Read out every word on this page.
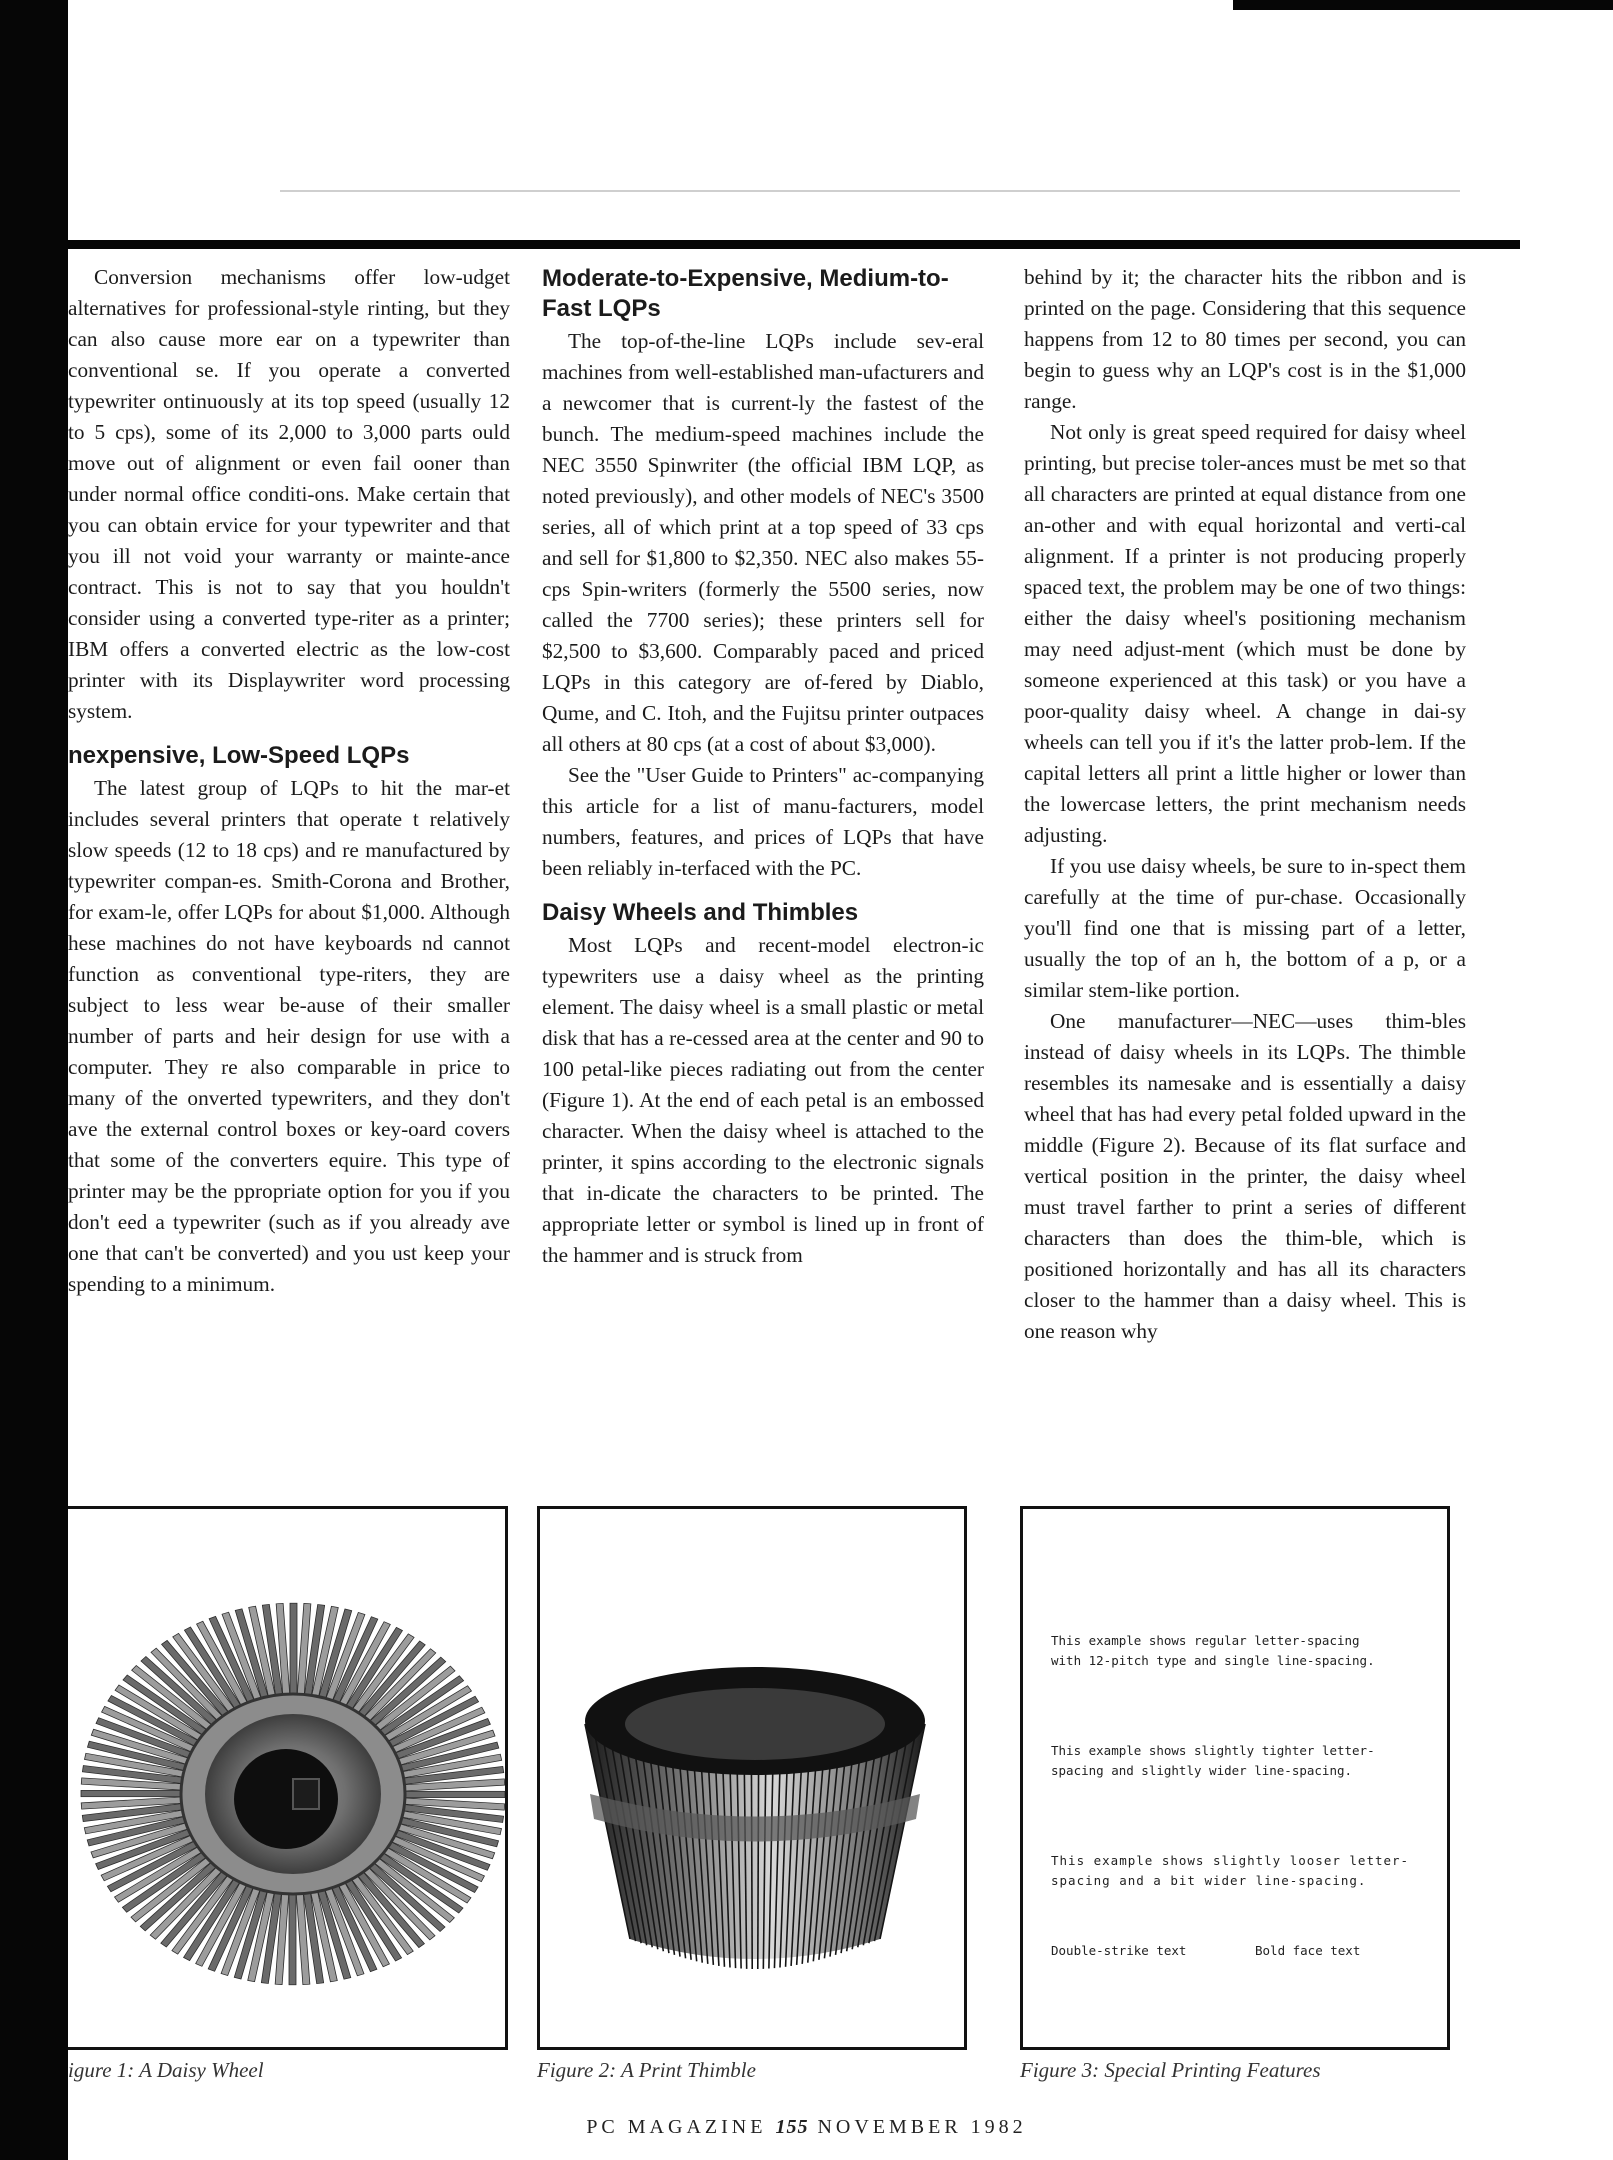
Conversion mechanisms offer low-udget alternatives for professional-style rinting, but they can also cause more ear on a typewriter than conventional se. If you operate a converted typewriter ontinuously at its top speed (usually 12 to 5 cps), some of its 2,000 to 3,000 parts ould move out of alignment or even fail ooner than under normal office conditi-ons. Make certain that you can obtain ervice for your typewriter and that you ill not void your warranty or mainte-ance contract. This is not to say that you houldn't consider using a converted type-riter as a printer; IBM offers a converted electric as the low-cost printer with its Displaywriter word processing system.

nexpensive, Low-Speed LQPs

The latest group of LQPs to hit the mar-et includes several printers that operate t relatively slow speeds (12 to 18 cps) and re manufactured by typewriter compan-es. Smith-Corona and Brother, for exam-le, offer LQPs for about $1,000. Although hese machines do not have keyboards nd cannot function as conventional type-riters, they are subject to less wear be-ause of their smaller number of parts and heir design for use with a computer. They re also comparable in price to many of the onverted typewriters, and they don't ave the external control boxes or key-oard covers that some of the converters equire. This type of printer may be the ppropriate option for you if you don't eed a typewriter (such as if you already ave one that can't be converted) and you ust keep your spending to a minimum.

Moderate-to-Expensive, Medium-to-Fast LQPs

The top-of-the-line LQPs include sev-eral machines from well-established man-ufacturers and a newcomer that is current-ly the fastest of the bunch. The medium-speed machines include the NEC 3550 Spinwriter (the official IBM LQP, as noted previously), and other models of NEC's 3500 series, all of which print at a top speed of 33 cps and sell for $1,800 to $2,350. NEC also makes 55-cps Spin-writers (formerly the 5500 series, now called the 7700 series); these printers sell for $2,500 to $3,600. Comparably paced and priced LQPs in this category are of-fered by Diablo, Qume, and C. Itoh, and the Fujitsu printer outpaces all others at 80 cps (at a cost of about $3,000).

See the "User Guide to Printers" ac-companying this article for a list of manu-facturers, model numbers, features, and prices of LQPs that have been reliably in-terfaced with the PC.

Daisy Wheels and Thimbles

Most LQPs and recent-model electron-ic typewriters use a daisy wheel as the printing element. The daisy wheel is a small plastic or metal disk that has a re-cessed area at the center and 90 to 100 petal-like pieces radiating out from the center (Figure 1). At the end of each petal is an embossed character. When the daisy wheel is attached to the printer, it spins according to the electronic signals that in-dicate the characters to be printed. The appropriate letter or symbol is lined up in front of the hammer and is struck from

behind by it; the character hits the ribbon and is printed on the page. Considering that this sequence happens from 12 to 80 times per second, you can begin to guess why an LQP's cost is in the $1,000 range.

Not only is great speed required for daisy wheel printing, but precise toler-ances must be met so that all characters are printed at equal distance from one an-other and with equal horizontal and verti-cal alignment. If a printer is not producing properly spaced text, the problem may be one of two things: either the daisy wheel's positioning mechanism may need adjust-ment (which must be done by someone experienced at this task) or you have a poor-quality daisy wheel. A change in dai-sy wheels can tell you if it's the latter prob-lem. If the capital letters all print a little higher or lower than the lowercase letters, the print mechanism needs adjusting.

If you use daisy wheels, be sure to in-spect them carefully at the time of pur-chase. Occasionally you'll find one that is missing part of a letter, usually the top of an h, the bottom of a p, or a similar stem-like portion.

One manufacturer—NEC—uses thim-bles instead of daisy wheels in its LQPs. The thimble resembles its namesake and is essentially a daisy wheel that has had every petal folded upward in the middle (Figure 2). Because of its flat surface and vertical position in the printer, the daisy wheel must travel farther to print a series of different characters than does the thim-ble, which is positioned horizontally and has all its characters closer to the hammer than a daisy wheel. This is one reason why

This example shows regular letter-spacing
with 12-pitch type and single line-spacing.
This example shows slightly tighter letter-
spacing and slightly wider line-spacing.
This example shows slightly looser letter-
spacing and a bit wider line-spacing.
Double-strike text	Bold face text
igure 1: A Daisy Wheel	Figure 2: A Print Thimble	Figure 3: Special Printing Features
PC MAGAZINE 155 NOVEMBER 1982
